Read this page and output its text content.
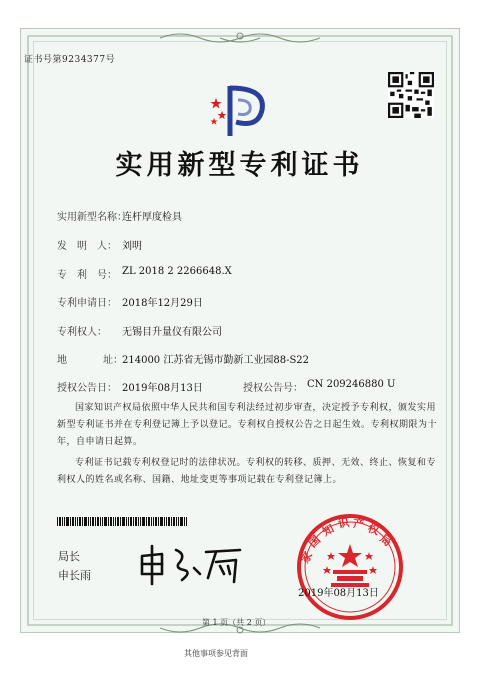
证书号第9234377号
实用新型专利证书
实用新型名称：
连杆厚度检具
发　明　人： 刘明
专　利　号： ZL 2018 2 2266648.X
专利申请日： 2018年12月29日
专利权人： 无锡目升量仪有限公司
地	址： 214000 江苏省无锡市勤新工业园88-S22
授权公告日： 2019年08月13日	授权公告号： CN 209246880 U
国家知识产权局依照中华人民共和国专利法经过初步审查，决定授予专利权，颁发实用
新型专利证书并在专利登记簿上予以登记。专利权自授权公告之日起生效。专利权期限为十
年，自申请日起算。
专利证书记载专利权登记时的法律状况。专利权的转移、质押、无效、终止、恢复和专
利权人的姓名或名称、国籍、地址变更等事项记载在专利登记簿上。
局长
申长雨
知 识 产 权
局
国
家
2019年08月13日
第 1 页（共 2 页）
其他事项参见背面
